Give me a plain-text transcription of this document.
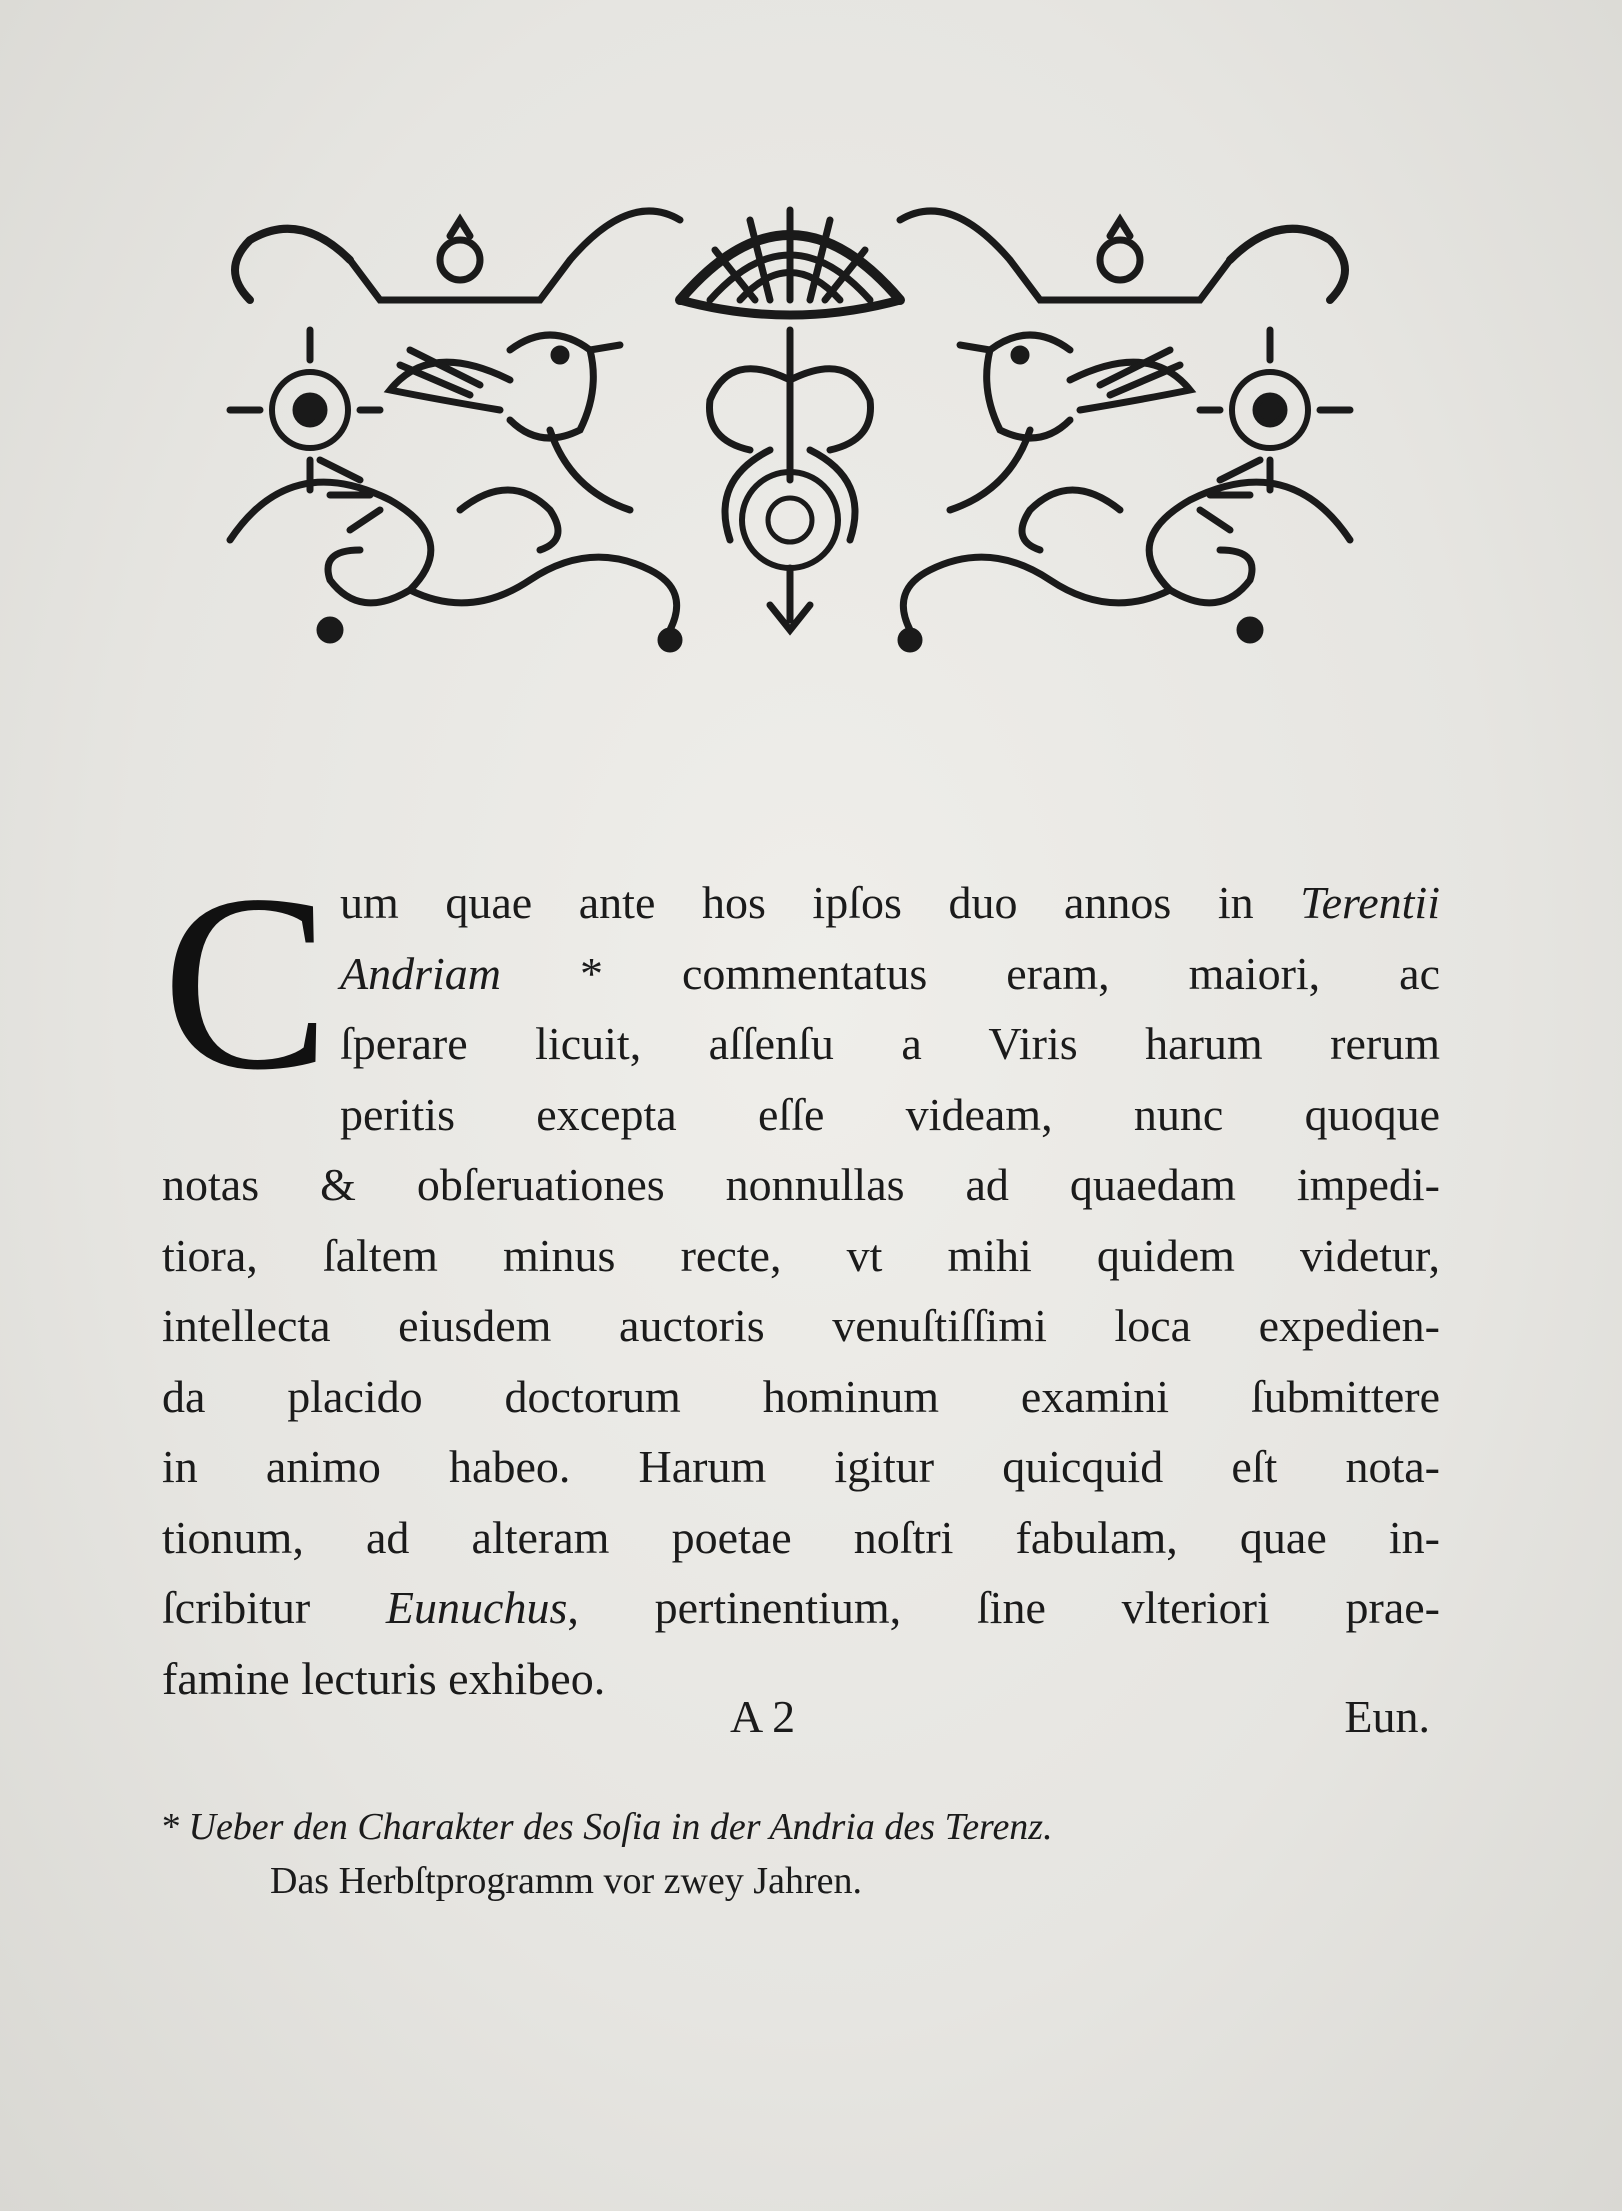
C um quae ante hos ipſos duo annos in Terentii
Andriam * commentatus eram, maiori, ac
ſperare licuit, aſſenſu a Viris harum rerum
peritis excepta eſſe videam, nunc quoque
notas & obſeruationes nonnullas ad quaedam impedi-
tiora, ſaltem minus recte, vt mihi quidem videtur,
intellecta eiusdem auctoris venuſtiſſimi loca expedien-
da placido doctorum hominum examini ſubmittere
in animo habeo. Harum igitur quicquid eſt nota-
tionum, ad alteram poetae noſtri fabulam, quae in-
ſcribitur Eunuchus, pertinentium, ſine vlteriori prae-
famine lecturis exhibeo.
A 2	Eun.
* Ueber den Charakter des Soſia in der Andria des Terenz.
Das Herbſtprogramm vor zwey Jahren.
